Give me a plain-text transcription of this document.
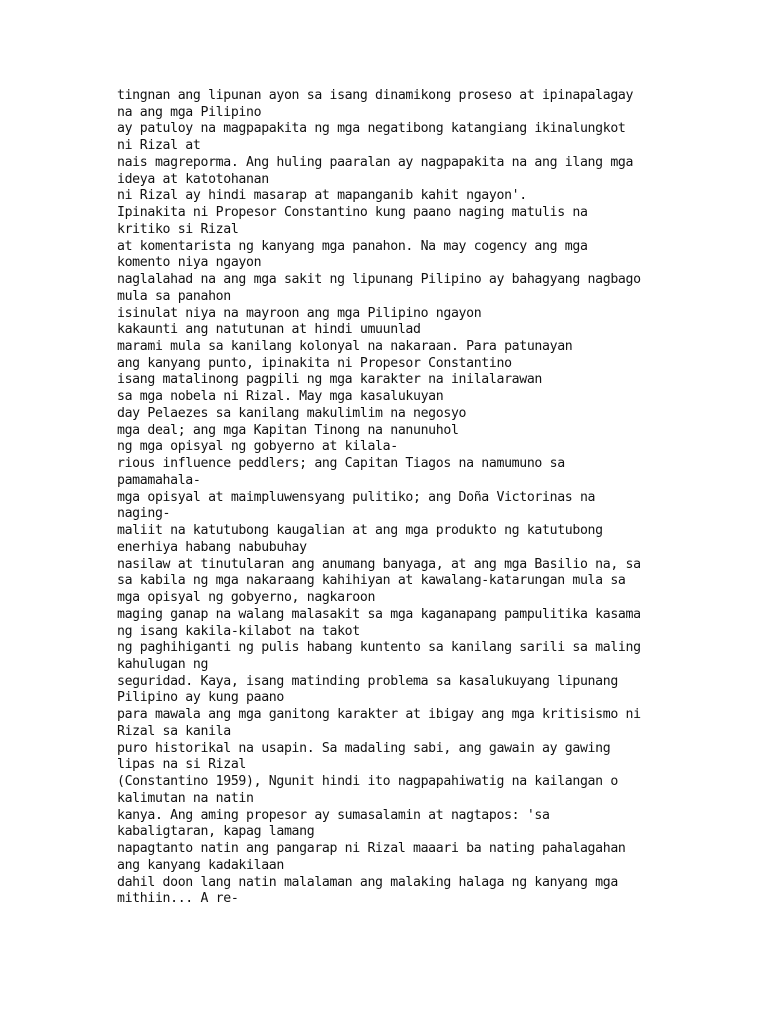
tingnan ang lipunan ayon sa isang dinamikong proseso at ipinapalagay
na ang mga Pilipino
ay patuloy na magpapakita ng mga negatibong katangiang ikinalungkot
ni Rizal at
nais magreporma. Ang huling paaralan ay nagpapakita na ang ilang mga
ideya at katotohanan
ni Rizal ay hindi masarap at mapanganib kahit ngayon'.
Ipinakita ni Propesor Constantino kung paano naging matulis na
kritiko si Rizal
at komentarista ng kanyang mga panahon. Na may cogency ang mga
komento niya ngayon
naglalahad na ang mga sakit ng lipunang Pilipino ay bahagyang nagbago
mula sa panahon
isinulat niya na mayroon ang mga Pilipino ngayon
kakaunti ang natutunan at hindi umuunlad
marami mula sa kanilang kolonyal na nakaraan. Para patunayan
ang kanyang punto, ipinakita ni Propesor Constantino
isang matalinong pagpili ng mga karakter na inilalarawan
sa mga nobela ni Rizal. May mga kasalukuyan
day Pelaezes sa kanilang makulimlim na negosyo
mga deal; ang mga Kapitan Tinong na nanunuhol
ng mga opisyal ng gobyerno at kilala-
rious influence peddlers; ang Capitan Tiagos na namumuno sa
pamamahala-
mga opisyal at maimpluwensyang pulitiko; ang Doña Victorinas na
naging-
maliit na katutubong kaugalian at ang mga produkto ng katutubong
enerhiya habang nabubuhay
nasilaw at tinutularan ang anumang banyaga, at ang mga Basilio na, sa
sa kabila ng mga nakaraang kahihiyan at kawalang-katarungan mula sa
mga opisyal ng gobyerno, nagkaroon
maging ganap na walang malasakit sa mga kaganapang pampulitika kasama
ng isang kakila-kilabot na takot
ng paghihiganti ng pulis habang kuntento sa kanilang sarili sa maling
kahulugan ng
seguridad. Kaya, isang matinding problema sa kasalukuyang lipunang
Pilipino ay kung paano
para mawala ang mga ganitong karakter at ibigay ang mga kritisismo ni
Rizal sa kanila
puro historikal na usapin. Sa madaling sabi, ang gawain ay gawing
lipas na si Rizal
(Constantino 1959), Ngunit hindi ito nagpapahiwatig na kailangan o
kalimutan na natin
kanya. Ang aming propesor ay sumasalamin at nagtapos: 'sa
kabaligtaran, kapag lamang
napagtanto natin ang pangarap ni Rizal maaari ba nating pahalagahan
ang kanyang kadakilaan
dahil doon lang natin malalaman ang malaking halaga ng kanyang mga
mithiin... A re-
